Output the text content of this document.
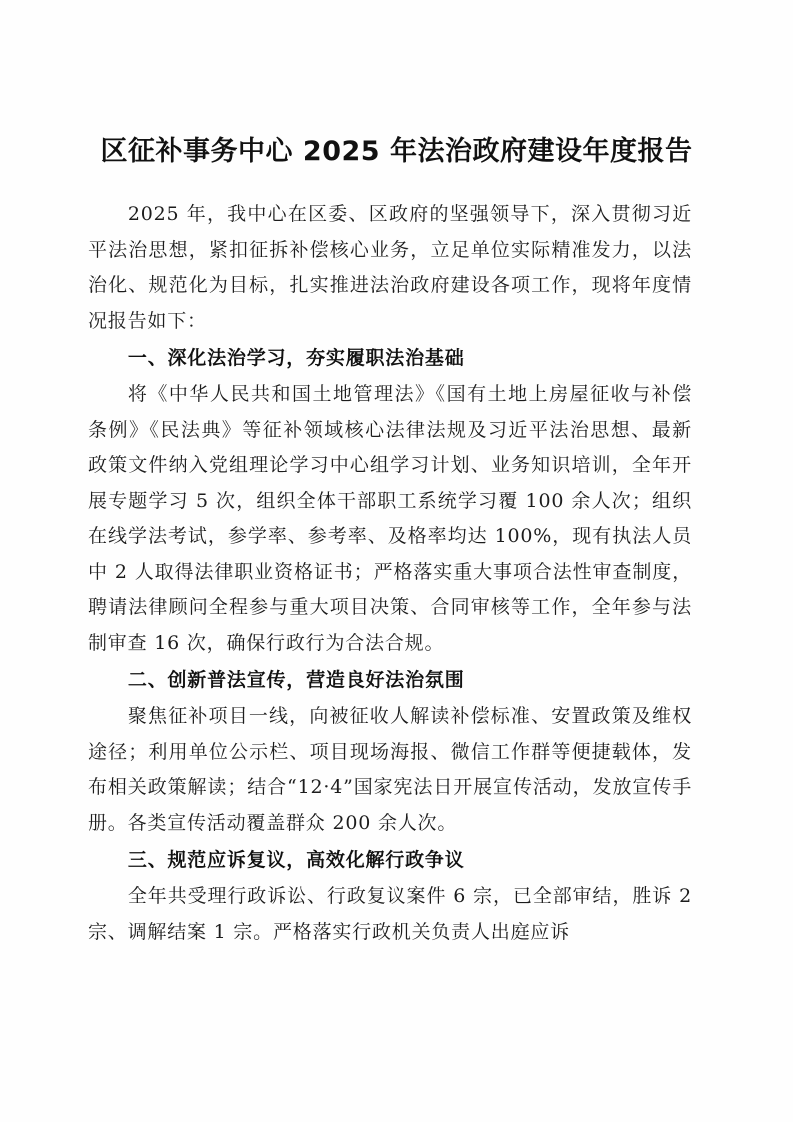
区征补事务中心 2025 年法治政府建设年度报告

2025 年，我中心在区委、区政府的坚强领导下，深入贯彻习近平法治思想，紧扣征拆补偿核心业务，立足单位实际精准发力，以法治化、规范化为目标，扎实推进法治政府建设各项工作，现将年度情况报告如下：

一、深化法治学习，夯实履职法治基础

将《中华人民共和国土地管理法》《国有土地上房屋征收与补偿条例》《民法典》等征补领域核心法律法规及习近平法治思想、最新政策文件纳入党组理论学习中心组学习计划、业务知识培训，全年开展专题学习 5 次，组织全体干部职工系统学习覆 100 余人次；组织在线学法考试，参学率、参考率、及格率均达 100%，现有执法人员中 2 人取得法律职业资格证书；严格落实重大事项合法性审查制度，聘请法律顾问全程参与重大项目决策、合同审核等工作，全年参与法制审查 16 次，确保行政行为合法合规。

二、创新普法宣传，营造良好法治氛围

聚焦征补项目一线，向被征收人解读补偿标准、安置政策及维权途径；利用单位公示栏、项目现场海报、微信工作群等便捷载体，发布相关政策解读；结合“12·4”国家宪法日开展宣传活动，发放宣传手册。各类宣传活动覆盖群众 200 余人次。

三、规范应诉复议，高效化解行政争议

全年共受理行政诉讼、行政复议案件 6 宗，已全部审结，胜诉 2 宗、调解结案 1 宗。严格落实行政机关负责人出庭应诉
